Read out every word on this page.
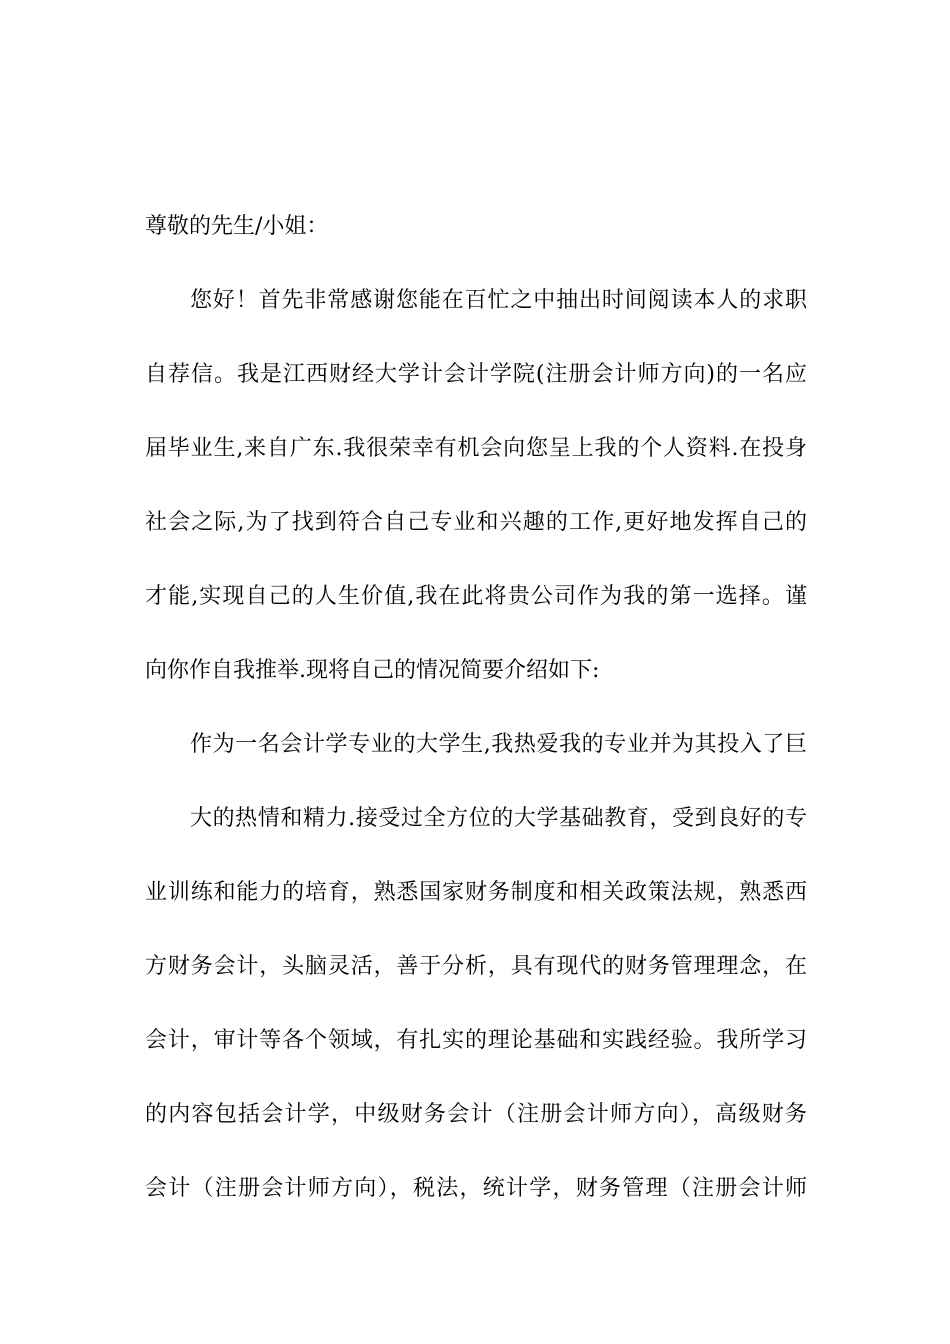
尊敬的先生/小姐：
您好！首先非常感谢您能在百忙之中抽出时间阅读本人的求职
自荐信。我是江西财经大学计会计学院(注册会计师方向)的一名应
届毕业生,来自广东.我很荣幸有机会向您呈上我的个人资料.在投身
社会之际,为了找到符合自己专业和兴趣的工作,更好地发挥自己的
才能,实现自己的人生价值,我在此将贵公司作为我的第一选择。谨
向你作自我推举.现将自己的情况简要介绍如下:
作为一名会计学专业的大学生,我热爱我的专业并为其投入了巨
大的热情和精力.接受过全方位的大学基础教育，受到良好的专
业训练和能力的培育，熟悉国家财务制度和相关政策法规，熟悉西
方财务会计，头脑灵活，善于分析，具有现代的财务管理理念，在
会计，审计等各个领域，有扎实的理论基础和实践经验。我所学习
的内容包括会计学，中级财务会计（注册会计师方向），高级财务
会计（注册会计师方向），税法，统计学，财务管理（注册会计师
